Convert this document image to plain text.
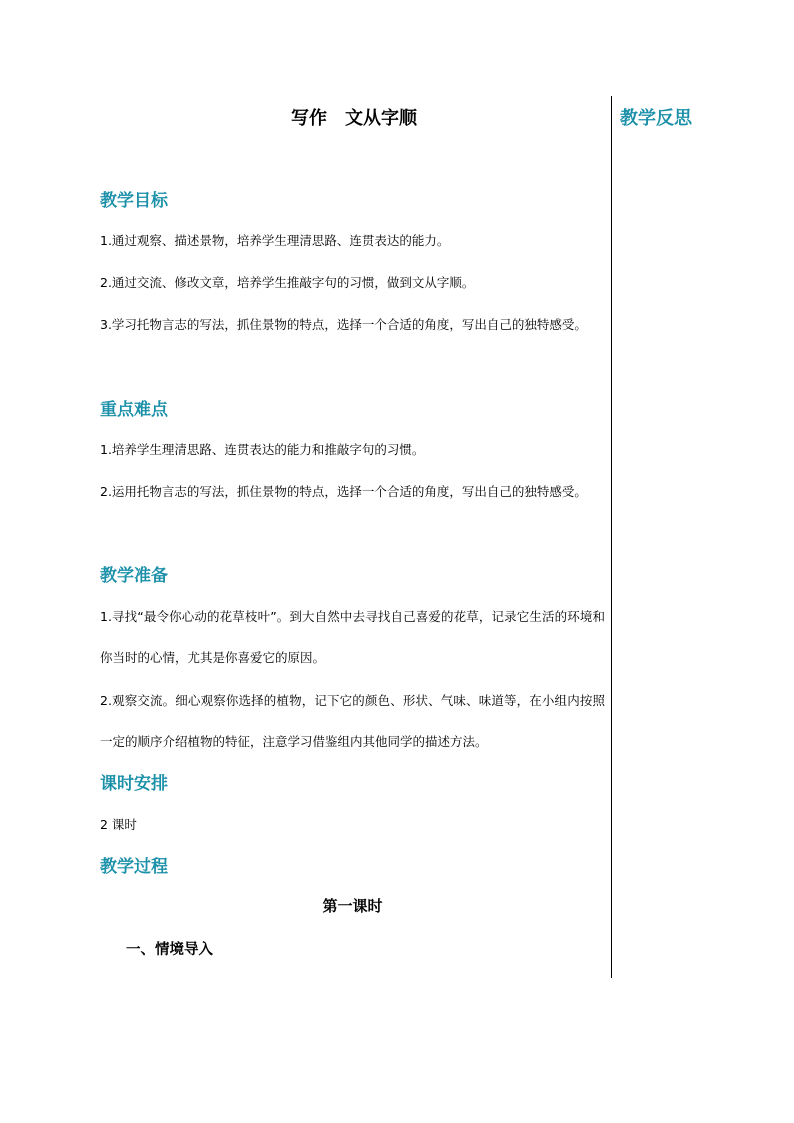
教学反思
写作　文从字顺
教学目标
1.通过观察、描述景物，培养学生理清思路、连贯表达的能力。
2.通过交流、修改文章，培养学生推敲字句的习惯，做到文从字顺。
3.学习托物言志的写法，抓住景物的特点，选择一个合适的角度，写出自己的独特感受。
重点难点
1.培养学生理清思路、连贯表达的能力和推敲字句的习惯。
2.运用托物言志的写法，抓住景物的特点，选择一个合适的角度，写出自己的独特感受。
教学准备
1.寻找“最令你心动的花草枝叶”。到大自然中去寻找自己喜爱的花草，记录它生活的环境和你当时的心情，尤其是你喜爱它的原因。
2.观察交流。细心观察你选择的植物，记下它的颜色、形状、气味、味道等，在小组内按照一定的顺序介绍植物的特征，注意学习借鉴组内其他同学的描述方法。
课时安排
2 课时
教学过程
第一课时
一、情境导入
